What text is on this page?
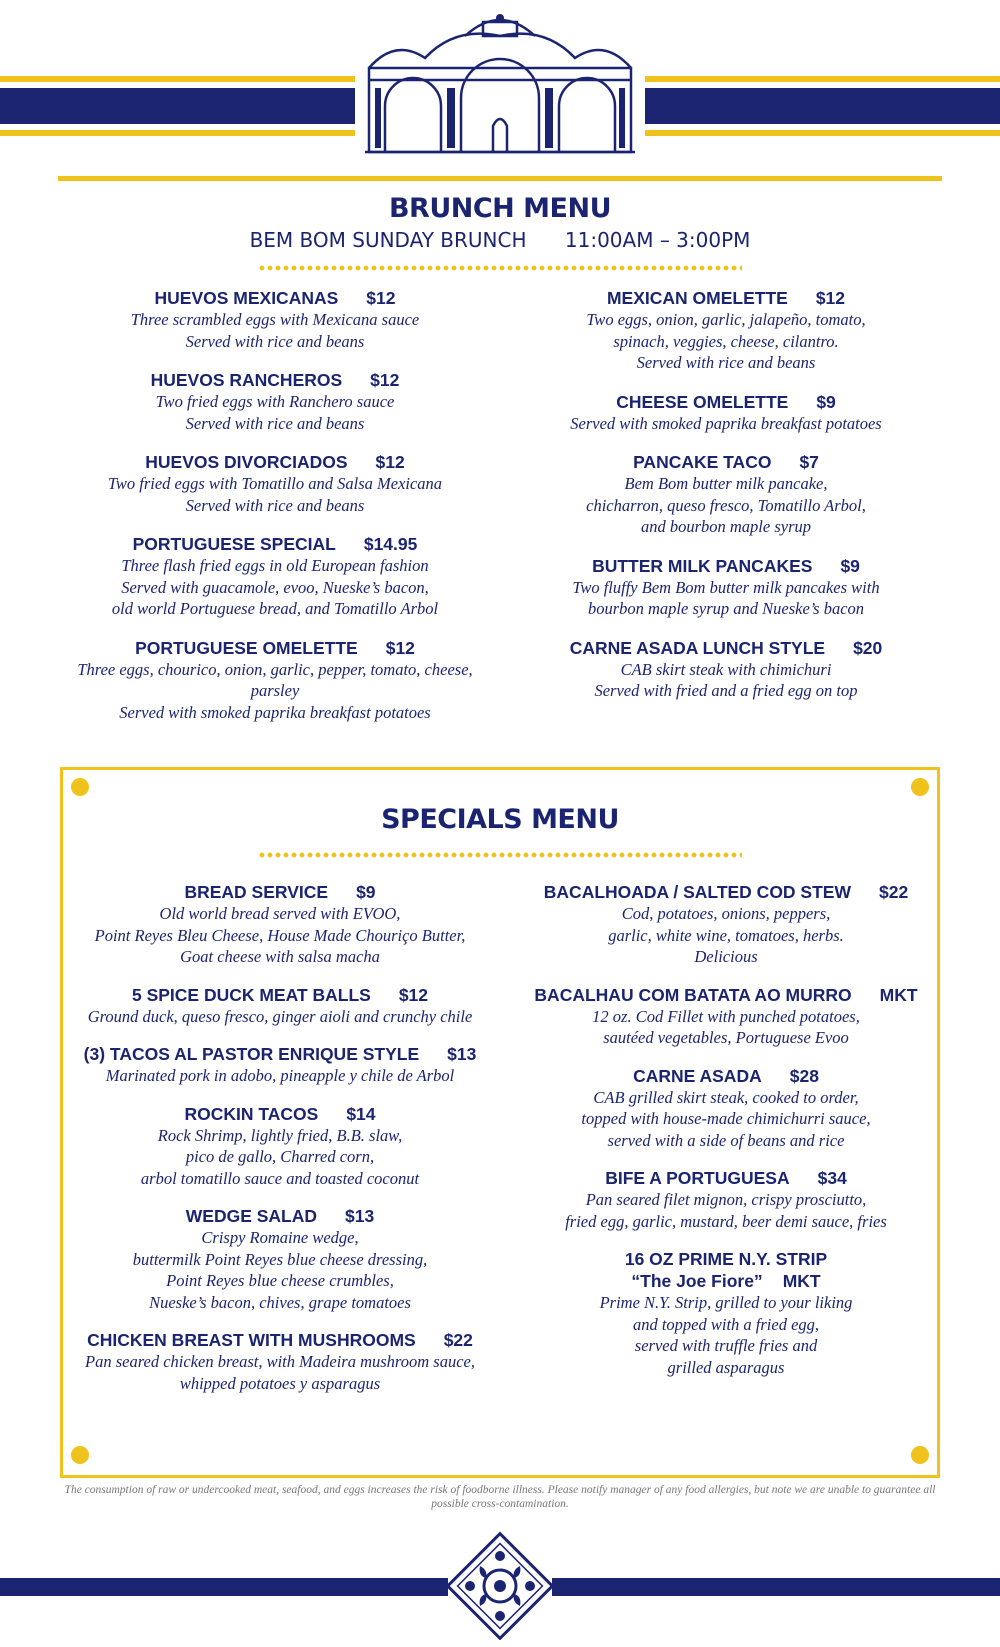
BRUNCH MENU
BEM BOM SUNDAY BRUNCH 11:00AM – 3:00PM
HUEVOS MEXICANAS $12
Three scrambled eggs with Mexicana sauce
Served with rice and beans
HUEVOS RANCHEROS $12
Two fried eggs with Ranchero sauce
Served with rice and beans
HUEVOS DIVORCIADOS $12
Two fried eggs with Tomatillo and Salsa Mexicana
Served with rice and beans
PORTUGUESE SPECIAL $14.95
Three flash fried eggs in old European fashion
Served with guacamole, evoo, Nueske’s bacon,
old world Portuguese bread, and Tomatillo Arbol
PORTUGUESE OMELETTE $12
Three eggs, chourico, onion, garlic, pepper, tomato, cheese, parsley
Served with smoked paprika breakfast potatoes
MEXICAN OMELETTE $12
Two eggs, onion, garlic, jalapeño, tomato,
spinach, veggies, cheese, cilantro.
Served with rice and beans
CHEESE OMELETTE $9
Served with smoked paprika breakfast potatoes
PANCAKE TACO $7
Bem Bom butter milk pancake,
chicharron, queso fresco, Tomatillo Arbol,
and bourbon maple syrup
BUTTER MILK PANCAKES $9
Two fluffy Bem Bom butter milk pancakes with
bourbon maple syrup and Nueske’s bacon
CARNE ASADA LUNCH STYLE $20
CAB skirt steak with chimichuri
Served with fried and a fried egg on top
SPECIALS MENU
BREAD SERVICE $9
Old world bread served with EVOO,
Point Reyes Bleu Cheese, House Made Chouriço Butter,
Goat cheese with salsa macha
5 SPICE DUCK MEAT BALLS $12
Ground duck, queso fresco, ginger aioli and crunchy chile
(3) TACOS AL PASTOR ENRIQUE STYLE $13
Marinated pork in adobo, pineapple y chile de Arbol
ROCKIN TACOS $14
Rock Shrimp, lightly fried, B.B. slaw,
pico de gallo, Charred corn,
arbol tomatillo sauce and toasted coconut
WEDGE SALAD $13
Crispy Romaine wedge,
buttermilk Point Reyes blue cheese dressing,
Point Reyes blue cheese crumbles,
Nueske’s bacon, chives, grape tomatoes
CHICKEN BREAST WITH MUSHROOMS $22
Pan seared chicken breast, with Madeira mushroom sauce,
whipped potatoes y asparagus
BACALHOADA / SALTED COD STEW $22
Cod, potatoes, onions, peppers,
garlic, white wine, tomatoes, herbs.
Delicious
BACALHAU COM BATATA AO MURRO MKT
12 oz. Cod Fillet with punched potatoes,
sautéed vegetables, Portuguese Evoo
CARNE ASADA $28
CAB grilled skirt steak, cooked to order,
topped with house-made chimichurri sauce,
served with a side of beans and rice
BIFE A PORTUGUESA $34
Pan seared filet mignon, crispy prosciutto,
fried egg, garlic, mustard, beer demi sauce, fries
16 OZ PRIME N.Y. STRIP
“The Joe Fiore” MKT
Prime N.Y. Strip, grilled to your liking
and topped with a fried egg,
served with truffle fries and
grilled asparagus
The consumption of raw or undercooked meat, seafood, and eggs increases the risk of foodborne illness. Please notify manager of any food allergies, but note we are unable to guarantee all possible cross-contamination.
